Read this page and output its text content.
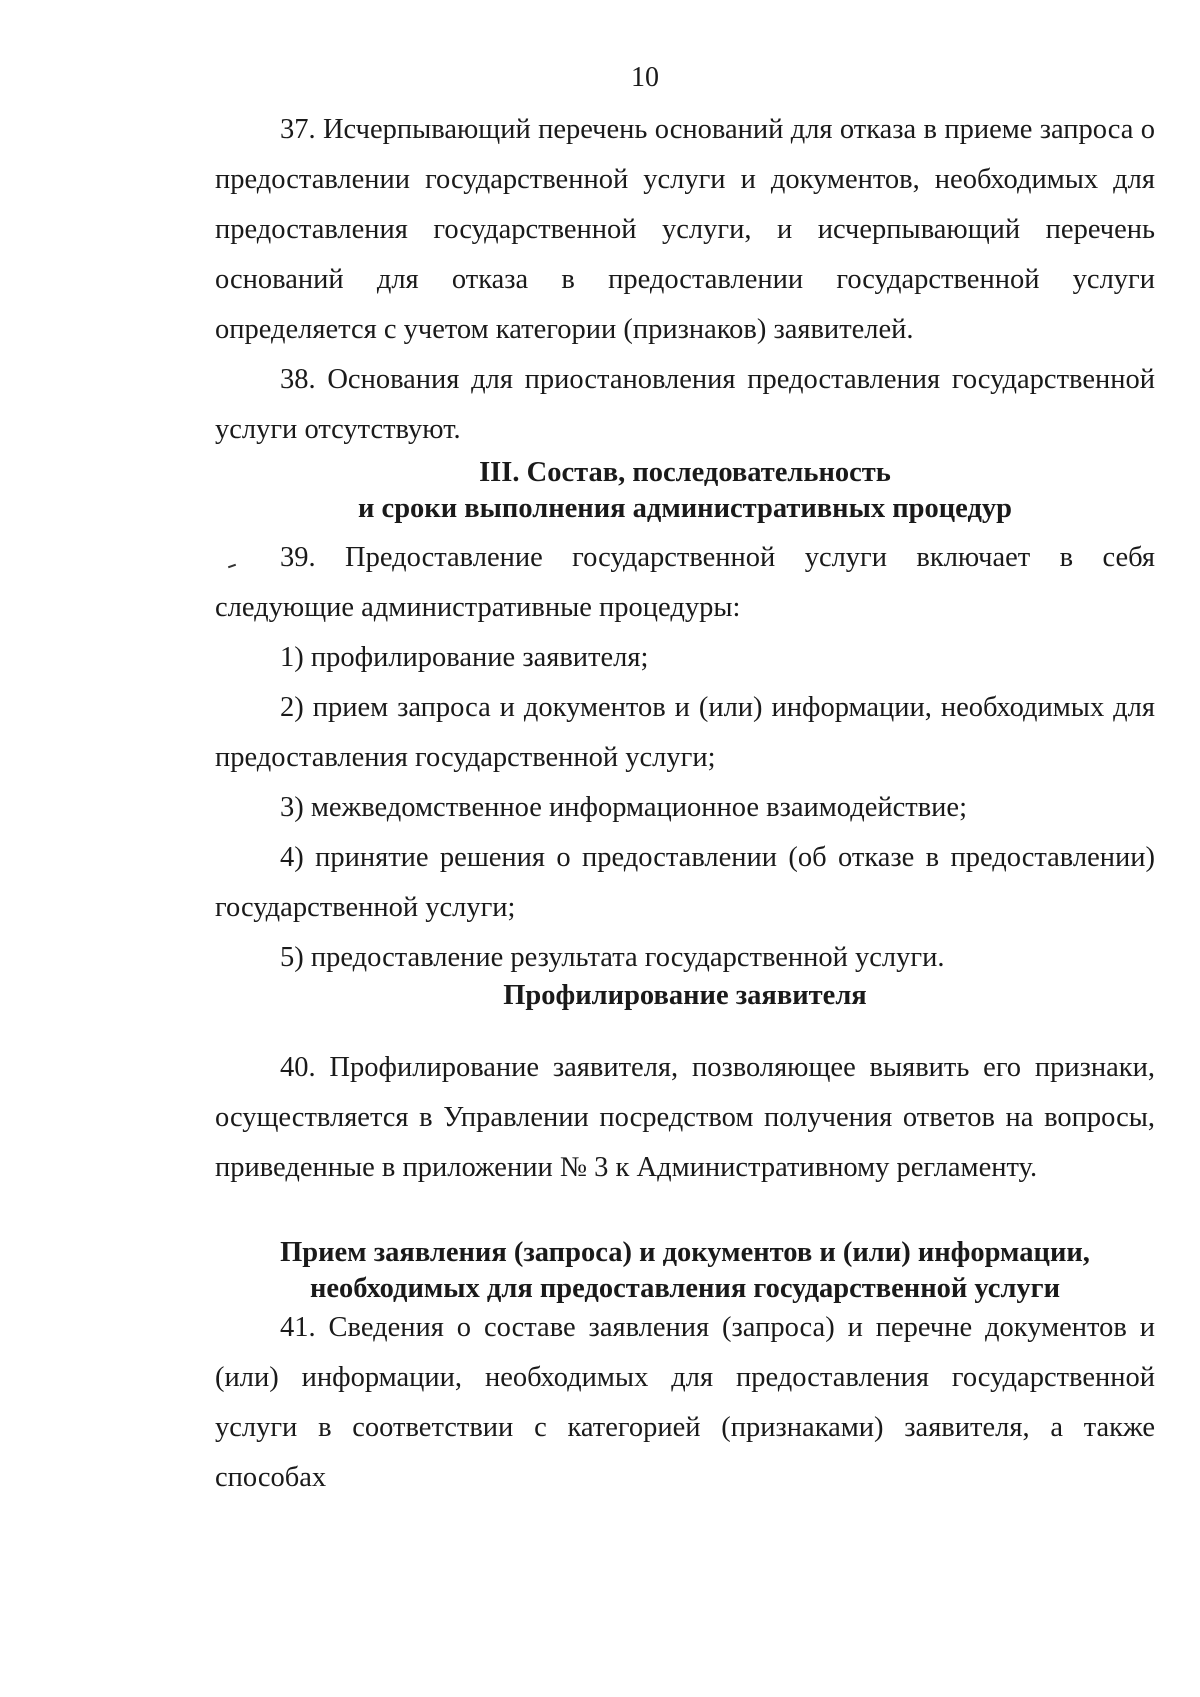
10

37. Исчерпывающий перечень оснований для отказа в приеме запроса о предоставлении государственной услуги и документов, необходимых для предоставления государственной услуги, и исчерпывающий перечень оснований для отказа в предоставлении государственной услуги определяется с учетом категории (признаков) заявителей.

38. Основания для приостановления предоставления государственной услуги отсутствуют.

III. Состав, последовательность
и сроки выполнения административных процедур

39. Предоставление государственной услуги включает в себя следующие административные процедуры:

1) профилирование заявителя;

2) прием запроса и документов и (или) информации, необходимых для предоставления государственной услуги;

3) межведомственное информационное взаимодействие;

4) принятие решения о предоставлении (об отказе в предоставлении) государственной услуги;

5) предоставление результата государственной услуги.

Профилирование заявителя

40. Профилирование заявителя, позволяющее выявить его признаки, осуществляется в Управлении посредством получения ответов на вопросы, приведенные в приложении № 3 к Административному регламенту.

Прием заявления (запроса) и документов и (или) информации,
необходимых для предоставления государственной услуги

41. Сведения о составе заявления (запроса) и перечне документов и (или) информации, необходимых для предоставления государственной услуги в соответствии с категорией (признаками) заявителя, а также способах
